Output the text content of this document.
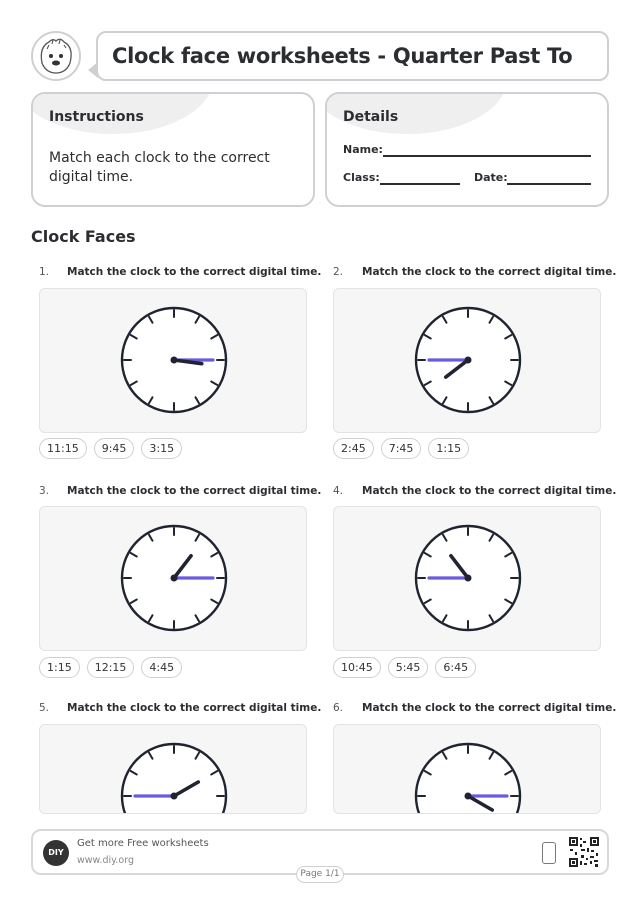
Clock face worksheets - Quarter Past To
Instructions
Match each clock to the correct digital time.
Details
Name:
Class:	Date:
Clock Faces
1. Match the clock to the correct digital time.
11:15	9:45	3:15
2. Match the clock to the correct digital time.
2:45	7:45	1:15
3. Match the clock to the correct digital time.
1:15	12:15	4:45
4. Match the clock to the correct digital time.
10:45	5:45	6:45
5. Match the clock to the correct digital time. 6. Match the clock to the correct digital time.
DIY
Get more Free worksheets
www.diy.org
Page 1/1
